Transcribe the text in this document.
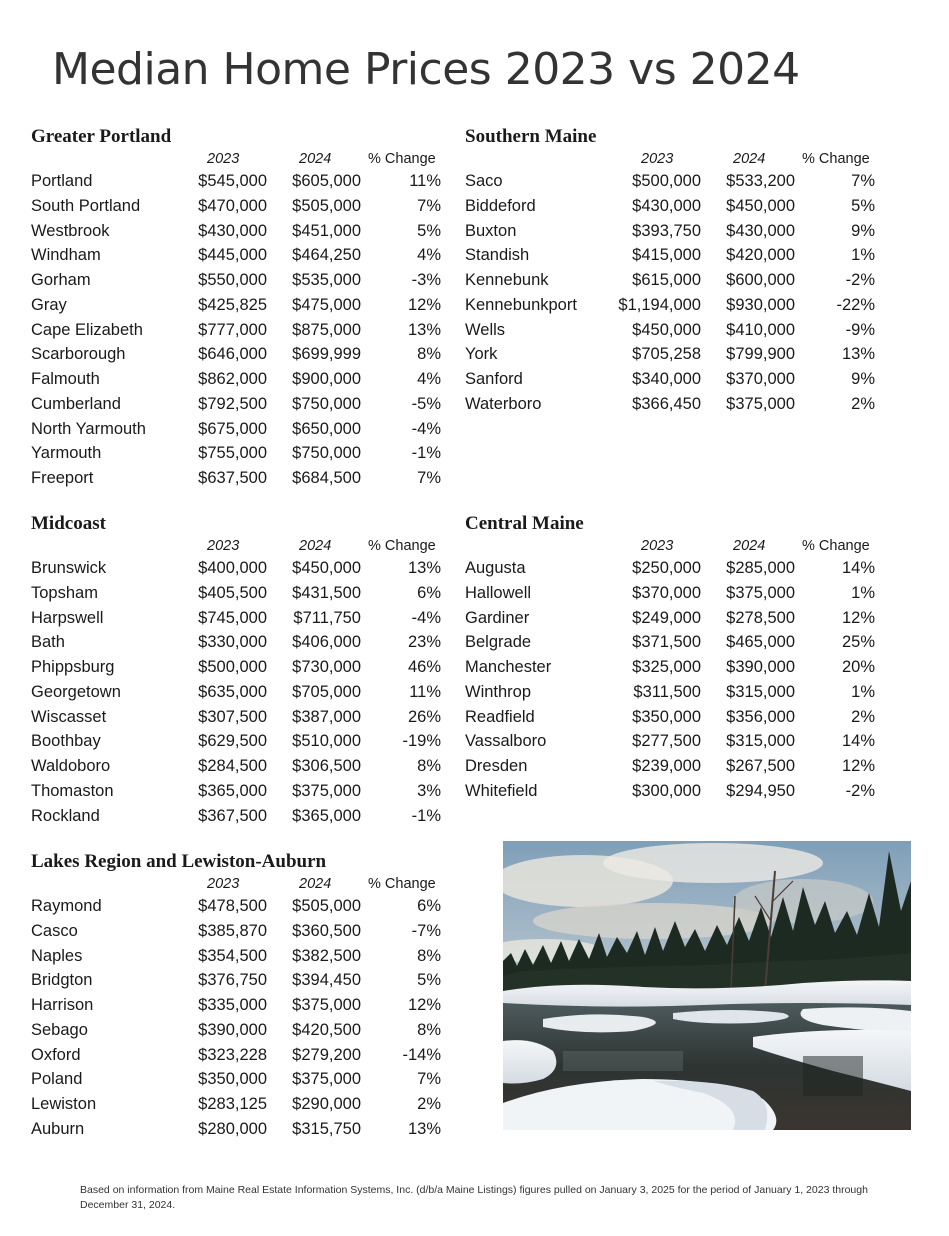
Median Home Prices 2023 vs 2024
Greater Portland
2023	2024	% Change
Portland	$545,000 $605,000	11%
South Portland	$470,000 $505,000	7%
Westbrook	$430,000 $451,000	5%
Windham	$445,000 $464,250	4%
Gorham	$550,000 $535,000	-3%
Gray	$425,825 $475,000	12%
Cape Elizabeth	$777,000 $875,000	13%
Scarborough	$646,000 $699,999	8%
Falmouth	$862,000 $900,000	4%
Cumberland	$792,500 $750,000	-5%
North Yarmouth	$675,000 $650,000	-4%
Yarmouth	$755,000 $750,000	-1%
Freeport	$637,500 $684,500	7%
Southern Maine
2023	2024	% Change
Saco	$500,000 $533,200	7%
Biddeford	$430,000 $450,000	5%
Buxton	$393,750 $430,000	9%
Standish	$415,000 $420,000	1%
Kennebunk	$615,000 $600,000	-2%
Kennebunkport	$1,194,000 $930,000	-22%
Wells	$450,000 $410,000	-9%
York	$705,258 $799,900	13%
Sanford	$340,000 $370,000	9%
Waterboro	$366,450 $375,000	2%
Midcoast
2023	2024	% Change
Brunswick	$400,000 $450,000	13%
Topsham	$405,500 $431,500	6%
Harpswell	$745,000 $711,750	-4%
Bath	$330,000 $406,000	23%
Phippsburg	$500,000 $730,000	46%
Georgetown	$635,000 $705,000	11%
Wiscasset	$307,500 $387,000	26%
Boothbay	$629,500 $510,000	-19%
Waldoboro	$284,500 $306,500	8%
Thomaston	$365,000 $375,000	3%
Rockland	$367,500 $365,000	-1%
Central Maine
2023	2024	% Change
Augusta	$250,000 $285,000	14%
Hallowell	$370,000 $375,000	1%
Gardiner	$249,000 $278,500	12%
Belgrade	$371,500 $465,000	25%
Manchester	$325,000 $390,000	20%
Winthrop	$311,500 $315,000	1%
Readfield	$350,000 $356,000	2%
Vassalboro	$277,500 $315,000	14%
Dresden	$239,000 $267,500	12%
Whitefield	$300,000 $294,950	-2%
Lakes Region and Lewiston-Auburn
2023	2024	% Change
Raymond	$478,500 $505,000	6%
Casco	$385,870 $360,500	-7%
Naples	$354,500 $382,500	8%
Bridgton	$376,750 $394,450	5%
Harrison	$335,000 $375,000	12%
Sebago	$390,000 $420,500	8%
Oxford	$323,228 $279,200	-14%
Poland	$350,000 $375,000	7%
Lewiston	$283,125 $290,000	2%
Auburn	$280,000 $315,750	13%

Based on information from Maine Real Estate Information Systems, Inc. (d/b/a Maine Listings) figures pulled on January 3, 2025 for the period of January 1, 2023 through December 31, 2024.
